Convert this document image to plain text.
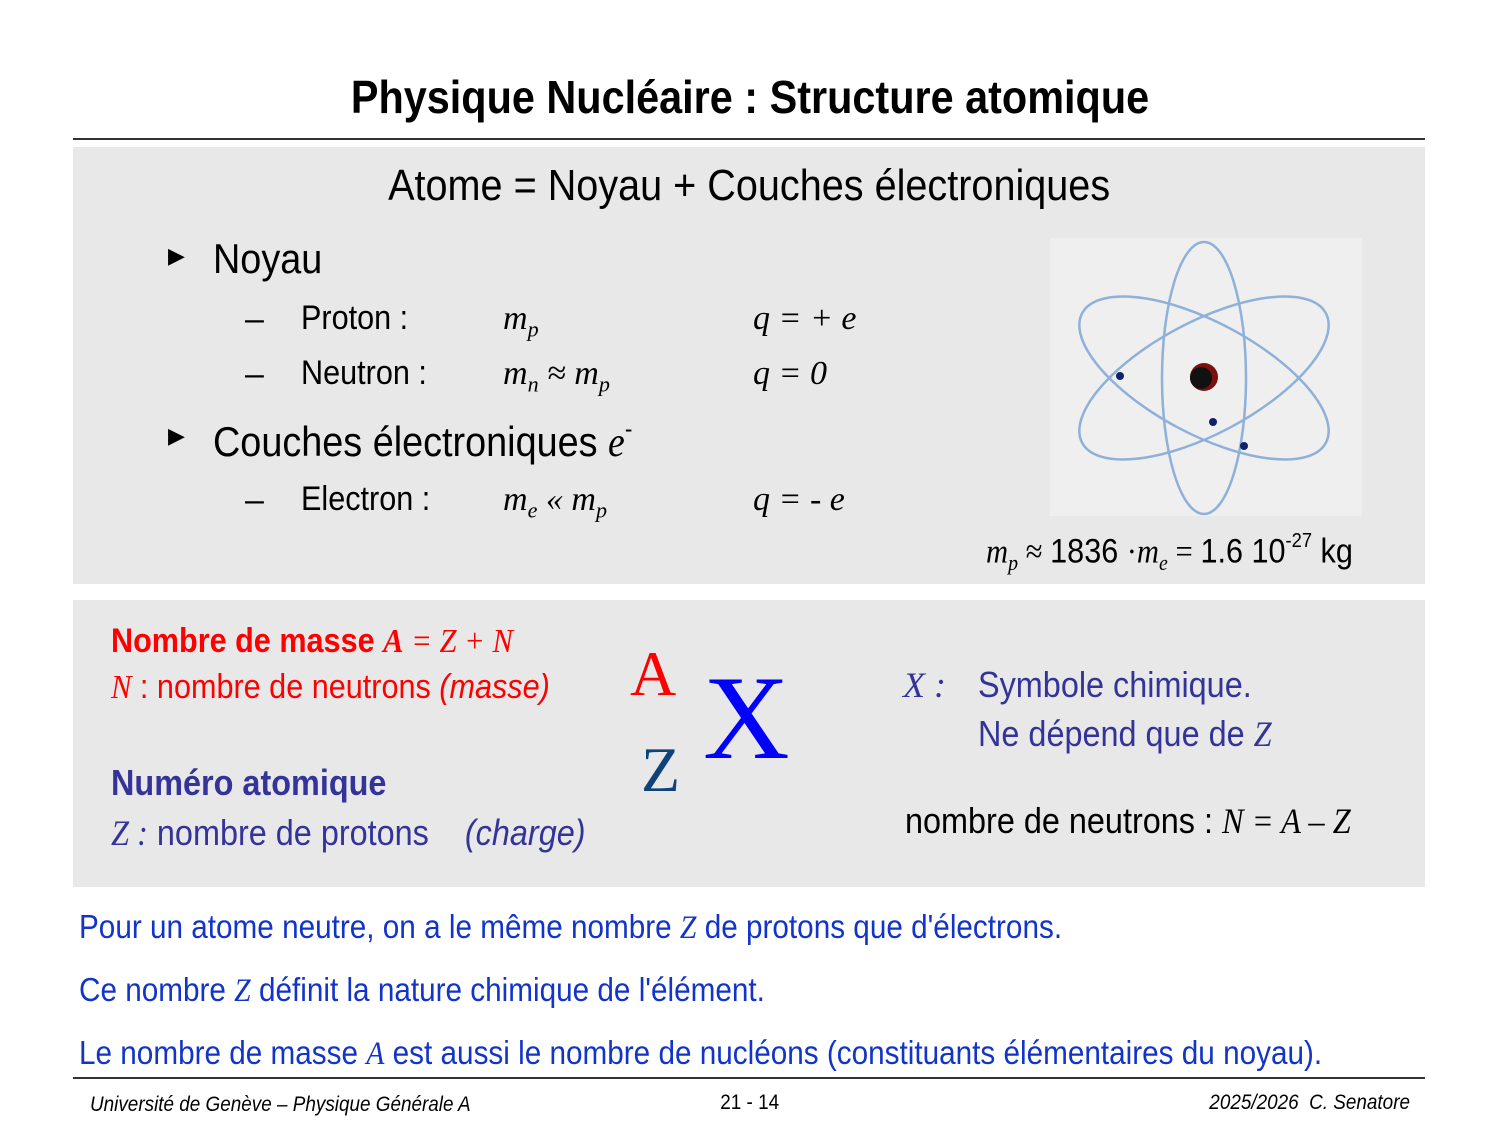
Physique Nucléaire : Structure atomique
Atome = Noyau + Couches électroniques
▶ Noyau
– Proton :	$m_p$	q = + e
– Neutron : $m_n \approx m_p$	q = 0
▶ Couches électroniques e-
– Electron : $m_e$ « $m_p$	q = - e
$m_p \approx 1836 \cdot m_e = 1.6$ $10^{-27}$ kg
Nombre de masse A = Z + N
N : nombre de neutrons (masse)
Numéro atomique
Z : nombre de protons (charge)
A
Z X	X : Symbole chimique.
Ne dépend que de Z
nombre de neutrons : N = A – Z
Pour un atome neutre, on a le même nombre Z de protons que d'électrons.
Ce nombre Z définit la nature chimique de l'élément.
Le nombre de masse A est aussi le nombre de nucléons (constituants élémentaires du noyau).
Université de Genève – Physique Générale A	21 - 14	2025/2026  C. Senatore
